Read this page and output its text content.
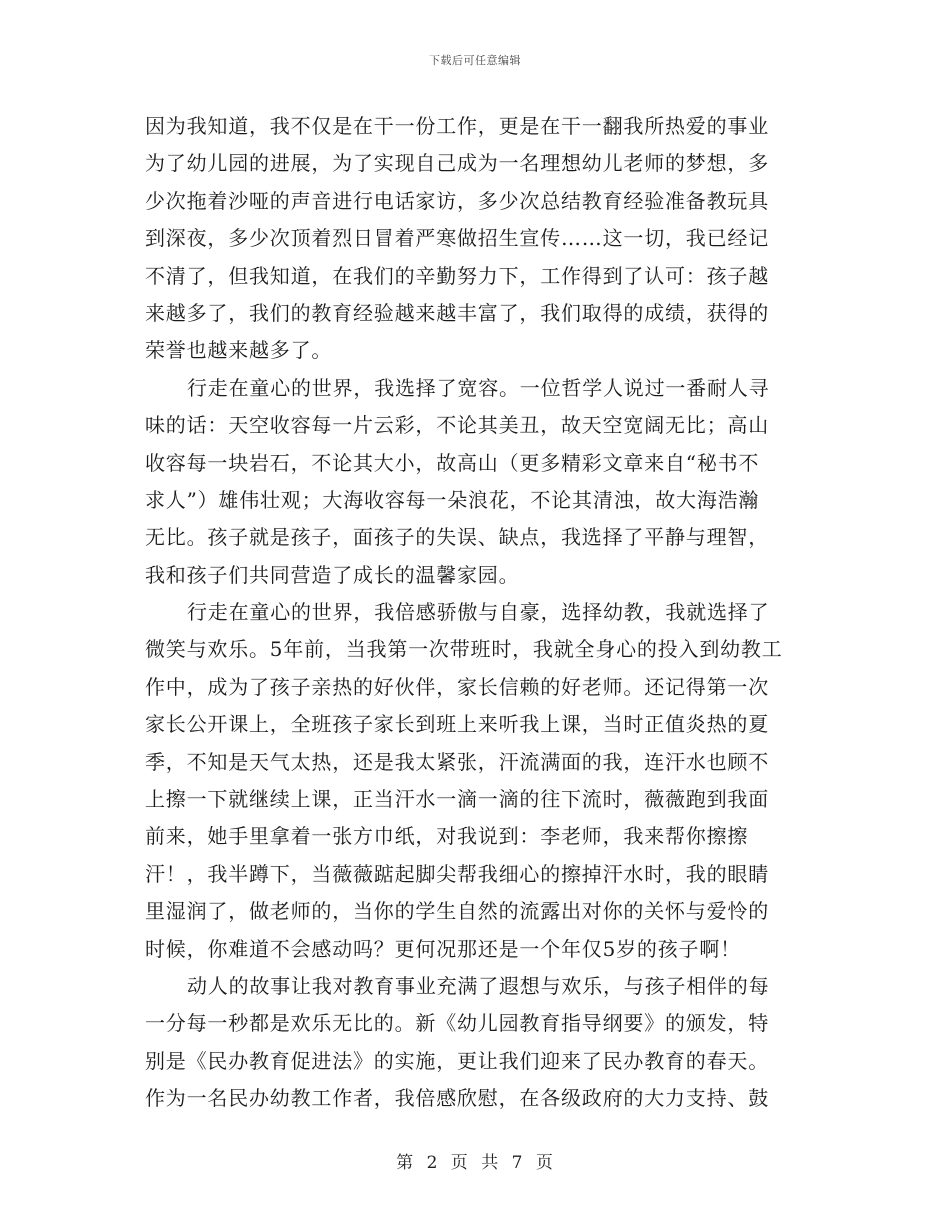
下载后可任意编辑
因为我知道，我不仅是在干一份工作，更是在干一翻我所热爱的事业
为了幼儿园的进展，为了实现自己成为一名理想幼儿老师的梦想，多
少次拖着沙哑的声音进行电话家访，多少次总结教育经验准备教玩具
到深夜，多少次顶着烈日冒着严寒做招生宣传……这一切，我已经记
不清了，但我知道，在我们的辛勤努力下，工作得到了认可：孩子越
来越多了，我们的教育经验越来越丰富了，我们取得的成绩，获得的
荣誉也越来越多了。
行走在童心的世界，我选择了宽容。一位哲学人说过一番耐人寻
味的话：天空收容每一片云彩，不论其美丑，故天空宽阔无比；高山
收容每一块岩石，不论其大小，故高山（更多精彩文章来自“秘书不
求人”）雄伟壮观；大海收容每一朵浪花，不论其清浊，故大海浩瀚
无比。孩子就是孩子，面孩子的失误、缺点，我选择了平静与理智，
我和孩子们共同营造了成长的温馨家园。
行走在童心的世界，我倍感骄傲与自豪，选择幼教，我就选择了
微笑与欢乐。5年前，当我第一次带班时，我就全身心的投入到幼教工
作中，成为了孩子亲热的好伙伴，家长信赖的好老师。还记得第一次
家长公开课上，全班孩子家长到班上来听我上课，当时正值炎热的夏
季，不知是天气太热，还是我太紧张，汗流满面的我，连汗水也顾不
上擦一下就继续上课，正当汗水一滴一滴的往下流时，薇薇跑到我面
前来，她手里拿着一张方巾纸，对我说到：李老师，我来帮你擦擦
汗！，我半蹲下，当薇薇踮起脚尖帮我细心的擦掉汗水时，我的眼睛
里湿润了，做老师的，当你的学生自然的流露出对你的关怀与爱怜的
时候，你难道不会感动吗？更何况那还是一个年仅5岁的孩子啊！
动人的故事让我对教育事业充满了遐想与欢乐，与孩子相伴的每
一分每一秒都是欢乐无比的。新《幼儿园教育指导纲要》的颁发，特
别是《民办教育促进法》的实施，更让我们迎来了民办教育的春天。
作为一名民办幼教工作者，我倍感欣慰，在各级政府的大力支持、鼓
第 2 页 共 7 页
